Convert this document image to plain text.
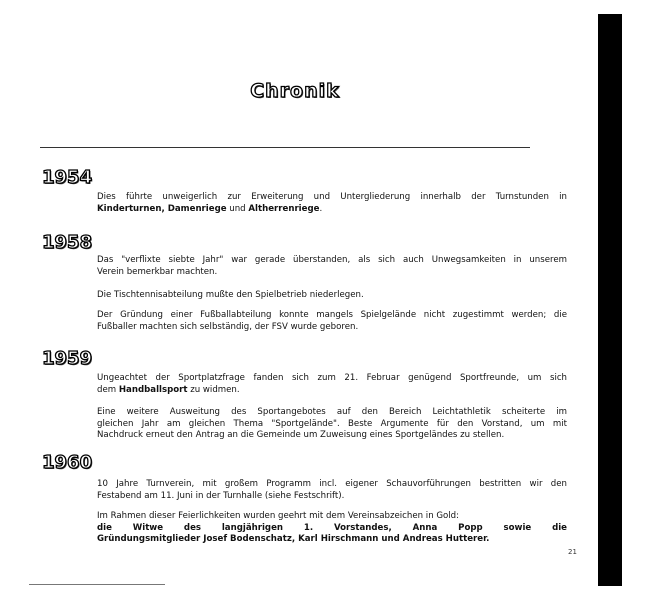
Chronik
1954
Dies führte unweigerlich zur Erweiterung und Untergliederung innerhalb der Turnstunden in
Kinderturnen, Damenriege und Altherrenriege.
1958
Das "verflixte siebte Jahr" war gerade überstanden, als sich auch Unwegsamkeiten in unserem
Verein bemerkbar machten.
Die Tischtennisabteilung mußte den Spielbetrieb niederlegen.
Der Gründung einer Fußballabteilung konnte mangels Spielgelände nicht zugestimmt werden; die
Fußballer machten sich selbständig, der FSV wurde geboren.
1959
Ungeachtet der Sportplatzfrage fanden sich zum 21. Februar genügend Sportfreunde, um sich
dem Handballsport zu widmen.
Eine weitere Ausweitung des Sportangebotes auf den Bereich Leichtathletik scheiterte im
gleichen Jahr am gleichen Thema "Sportgelände". Beste Argumente für den Vorstand, um mit
Nachdruck erneut den Antrag an die Gemeinde um Zuweisung eines Sportgeländes zu stellen.
1960
10 Jahre Turnverein, mit großem Programm incl. eigener Schauvorführungen bestritten wir den
Festabend am 11. Juni in der Turnhalle (siehe Festschrift).
Im Rahmen dieser Feierlichkeiten wurden geehrt mit dem Vereinsabzeichen in Gold:
die Witwe des langjährigen 1. Vorstandes, Anna Popp sowie die
Gründungsmitglieder Josef Bodenschatz, Karl Hirschmann und Andreas Hutterer.
21
